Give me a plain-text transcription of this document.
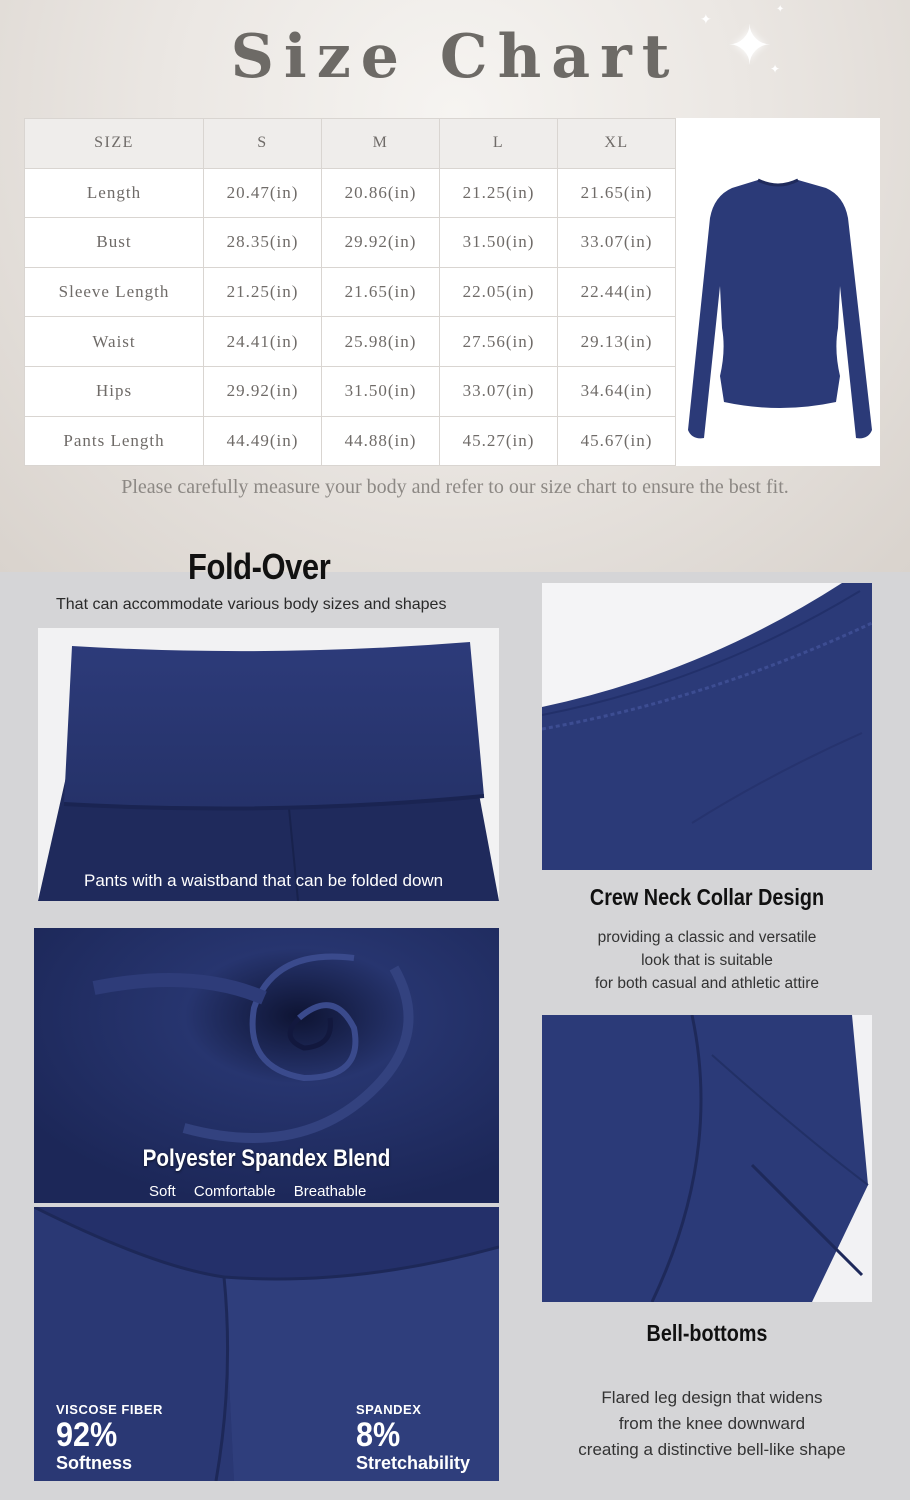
Size Chart ✦
✦
✦
✦
SIZE	S	M	L	XL
Length	20.47(in)	20.86(in)	21.25(in)	21.65(in)
Bust	28.35(in)	29.92(in)	31.50(in)	33.07(in)
Sleeve Length	21.25(in)	21.65(in)	22.05(in)	22.44(in)
Waist	24.41(in)	25.98(in)	27.56(in)	29.13(in)
Hips	29.92(in)	31.50(in)	33.07(in)	34.64(in)
Pants Length	44.49(in)	44.88(in)	45.27(in)	45.67(in)
Please carefully measure your body and refer to our size chart to ensure the best fit.
Fold-Over
That can accommodate various body sizes and shapes
Pants with a waistband that can be folded down
Crew Neck Collar Design
providing a classic and versatile
look that is suitable
for both casual and athletic attire
Polyester Spandex Blend
Soft Comfortable Breathable
VISCOSE FIBER
92%
Softness
SPANDEX
8%
Stretchability
Bell-bottoms
Flared leg design that widens
from the knee downward
creating a distinctive bell-like shape
